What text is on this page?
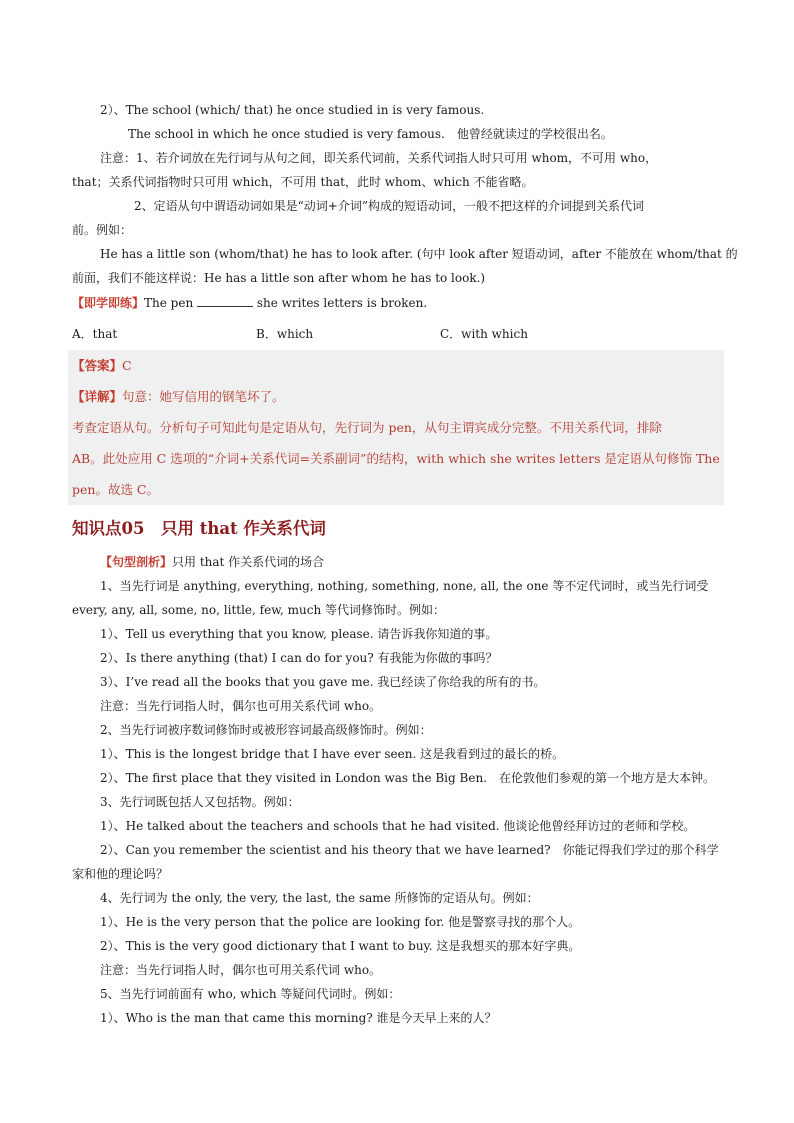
2）、The school (which/ that) he once studied in is very famous.
The school in which he once studied is very famous.　他曾经就读过的学校很出名。
注意：1、若介词放在先行词与从句之间，即关系代词前，关系代词指人时只可用 whom，不可用 who，
that；关系代词指物时只可用 which，不可用 that，此时 whom、which 不能省略。
2、定语从句中谓语动词如果是“动词+介词”构成的短语动词，一般不把这样的介词提到关系代词
前。例如：
He has a little son (whom/that) he has to look after. (句中 look after 短语动词，after 不能放在 whom/that 的
前面，我们不能这样说：He has a little son after whom he has to look.)
【即学即练】The pen	she writes letters is broken.
A．that	B．which	C．with which
【答案】C
【详解】句意：她写信用的钢笔坏了。
考查定语从句。分析句子可知此句是定语从句，先行词为 pen，从句主谓宾成分完整。不用关系代词，排除
AB。此处应用 C 选项的“介词+关系代词=关系副词”的结构，with which she writes letters 是定语从句修饰 The
pen。故选 C。
知识点05　只用 that 作关系代词
【句型剖析】只用 that 作关系代词的场合
1、当先行词是 anything, everything, nothing, something, none, all, the one 等不定代词时，或当先行词受
every, any, all, some, no, little, few, much 等代词修饰时。例如：
1）、Tell us everything that you know, please. 请告诉我你知道的事。
2）、Is there anything (that) I can do for you? 有我能为你做的事吗？
3）、I’ve read all the books that you gave me. 我已经读了你给我的所有的书。
注意：当先行词指人时，偶尔也可用关系代词 who。
2、当先行词被序数词修饰时或被形容词最高级修饰时。例如：
1）、This is the longest bridge that I have ever seen. 这是我看到过的最长的桥。
2）、The first place that they visited in London was the Big Ben.　在伦敦他们参观的第一个地方是大本钟。
3、先行词既包括人又包括物。例如：
1）、He talked about the teachers and schools that he had visited. 他谈论他曾经拜访过的老师和学校。
2）、Can you remember the scientist and his theory that we have learned?　你能记得我们学过的那个科学
家和他的理论吗？
4、先行词为 the only, the very, the last, the same 所修饰的定语从句。例如：
1）、He is the very person that the police are looking for. 他是警察寻找的那个人。
2）、This is the very good dictionary that I want to buy. 这是我想买的那本好字典。
注意：当先行词指人时，偶尔也可用关系代词 who。
5、当先行词前面有 who, which 等疑问代词时。例如：
1）、Who is the man that came this morning? 谁是今天早上来的人？
